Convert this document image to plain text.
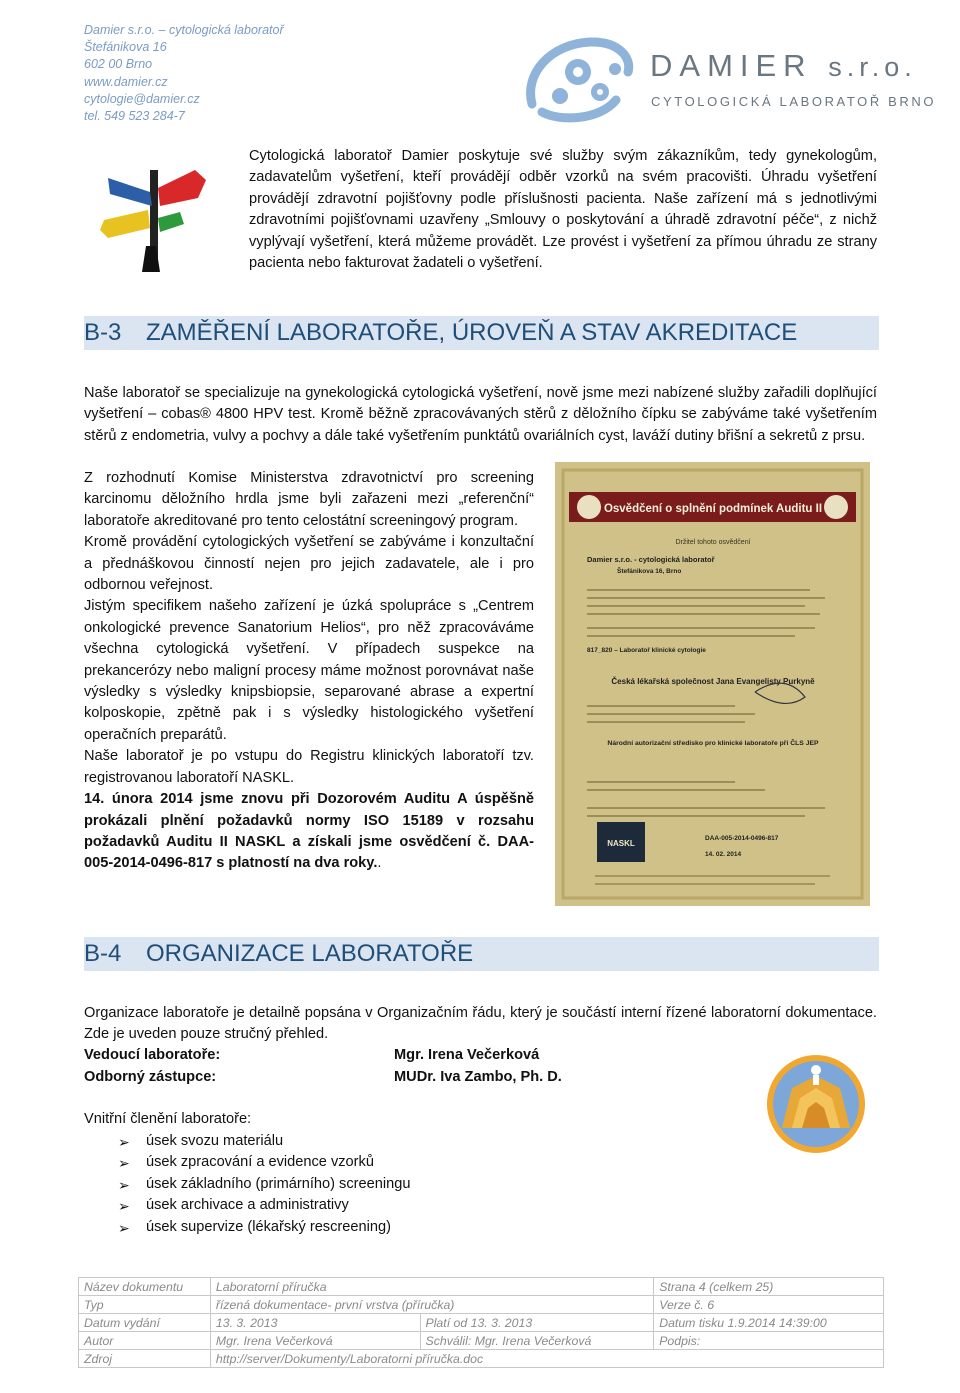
Damier s.r.o. – cytologická laboratoř
Štefánikova 16
602 00 Brno
www.damier.cz
cytologie@damier.cz
tel. 549 523 284-7
DAMIER s.r.o.
CYTOLOGICKÁ LABORATOŘ BRNO
Cytologická laboratoř Damier poskytuje své služby svým zákazníkům, tedy gynekologům, zadavatelům vyšetření, kteří provádějí odběr vzorků na svém pracovišti. Úhradu vyšetření provádějí zdravotní pojišťovny podle příslušnosti pacienta. Naše zařízení má s jednotlivými zdravotními pojišťovnami uzavřeny „Smlouvy o poskytování a úhradě zdravotní péče“, z nichž vyplývají vyšetření, která můžeme provádět. Lze provést i vyšetření za přímou úhradu ze strany pacienta nebo fakturovat žadateli o vyšetření.
B-3 ZAMĚŘENÍ LABORATOŘE, ÚROVEŇ A STAV AKREDITACE
Naše laboratoř se specializuje na gynekologická cytologická vyšetření, nově jsme mezi nabízené služby zařadili doplňující vyšetření – cobas® 4800 HPV test. Kromě běžně zpracovávaných stěrů z děložního čípku se zabýváme také vyšetřením stěrů z endometria, vulvy a pochvy a dále také vyšetřením punktátů ovariálních cyst, laváží dutiny břišní a sekretů z prsu.

Z rozhodnutí Komise Ministerstva zdravotnictví pro screening karcinomu děložního hrdla jsme byli zařazeni mezi „referenční“ laboratoře akreditované pro tento celostátní screeningový program.

Kromě provádění cytologických vyšetření se zabýváme i konzultační a přednáškovou činností nejen pro jejich zadavatele, ale i pro odbornou veřejnost.

Jistým specifikem našeho zařízení je úzká spolupráce s „Centrem onkologické prevence Sanatorium Helios“, pro něž zpracováváme všechna cytologická vyšetření. V případech suspekce na prekancerózy nebo maligní procesy máme možnost porovnávat naše výsledky s výsledky knipsbiopsie, separované abrase a expertní kolposkopie, zpětně pak i s výsledky histologického vyšetření operačních preparátů.

Naše laboratoř je po vstupu do Registru klinických laboratoří tzv. registrovanou laboratoří NASKL.

14. února 2014 jsme znovu při Dozorovém Auditu A úspěšně prokázali plnění požadavků normy ISO 15189 v rozsahu požadavků Auditu II NASKL a získali jsme osvědčení č. DAA-005-2014-0496-817 s platností na dva roky..

Osvědčení o splnění podmínek Auditu II
Držitel tohoto osvědčení
Damier s.r.o. - cytologická laboratoř
Štefánikova 16, Brno
817_820 – Laboratoř klinické cytologie
Česká lékařská společnost Jana Evangelisty Purkyně
Národní autorizační středisko pro klinické laboratoře při ČLS JEP
NASKL
DAA-005-2014-0496-817
14. 02. 2014
B-4 ORGANIZACE LABORATOŘE
Organizace laboratoře je detailně popsána v Organizačním řádu, který je součástí interní řízené laboratorní dokumentace. Zde je uveden pouze stručný přehled.
Vedoucí laboratoře:	Mgr. Irena Večerková
Odborný zástupce:	MUDr. Iva Zambo, Ph. D.
Vnitřní členění laboratoře:
➢ úsek svozu materiálu
➢ úsek zpracování a evidence vzorků
➢ úsek základního (primárního) screeningu
➢ úsek archivace a administrativy
➢ úsek supervize (lékařský rescreening)
Název dokumentu	Laboratorní příručka		Strana 4 (celkem 25)
Typ	řízená dokumentace- první vrstva (příručka)		Verze č. 6
Datum vydání	13. 3. 2013	Platí od 13. 3. 2013	Datum tisku 1.9.2014 14:39:00
Autor	Mgr. Irena Večerková	Schválil: Mgr. Irena Večerková	Podpis:
Zdroj	http://server/Dokumenty/Laboratorni příručka.doc		
